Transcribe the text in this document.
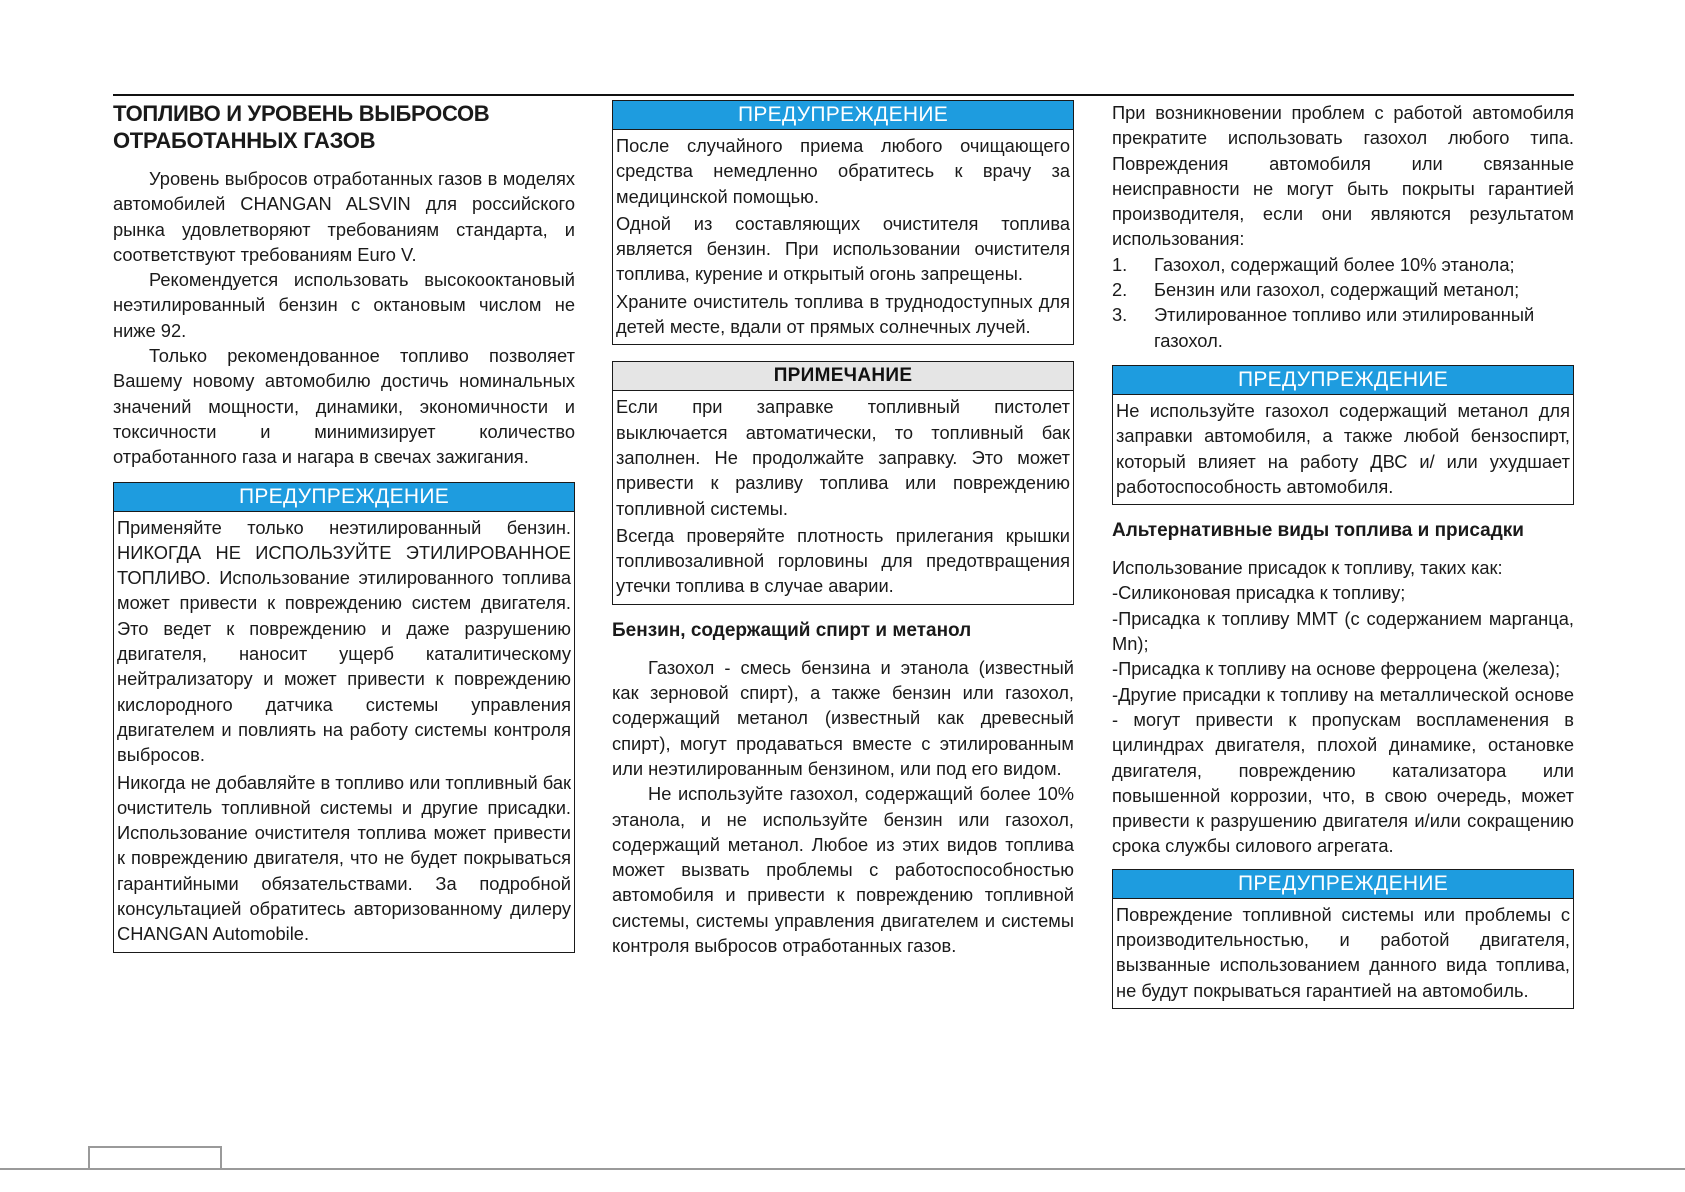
ТОПЛИВО И УРОВЕНЬ ВЫБРОСОВ ОТРАБОТАННЫХ ГАЗОВ

Уровень выбросов отработанных газов в моделях автомобилей CHANGAN ALSVIN для российского рынка удовлетворяют требованиям стандарта, и соответствуют требованиям Euro V.

Рекомендуется использовать высокооктановый неэтилированный бензин с октановым числом не ниже 92.

Только рекомендованное топливо позволяет Вашему новому автомобилю достичь номинальных значений мощности, динамики, экономичности и токсичности и минимизирует количество отработанного газа и нагара в свечах зажигания.

ПРЕДУПРЕЖДЕНИЕ

Применяйте только неэтилированный бензин. НИКОГДА НЕ ИСПОЛЬЗУЙТЕ ЭТИЛИРОВАННОЕ ТОПЛИВО. Использование этилированного топлива может привести к повреждению систем двигателя. Это ведет к повреждению и даже разрушению двигателя, наносит ущерб каталитическому нейтрализатору и может привести к повреждению кислородного датчика системы управления двигателем и повлиять на работу системы контроля выбросов.

Никогда не добавляйте в топливо или топливный бак очиститель топливной системы и другие присадки. Использование очистителя топлива может привести к повреждению двигателя, что не будет покрываться гарантийными обязательствами. За подробной консультацией обратитесь авторизованному дилеру CHANGAN Automobile.

ПРЕДУПРЕЖДЕНИЕ

После случайного приема любого очищающего средства немедленно обратитесь к врачу за медицинской помощью.

Одной из составляющих очистителя топлива является бензин. При использовании очистителя топлива, курение и открытый огонь запрещены.

Храните очиститель топлива в труднодоступных для детей месте, вдали от прямых солнечных лучей.

ПРИМЕЧАНИЕ

Если при заправке топливный пистолет выключается автоматически, то топливный бак заполнен. Не продолжайте заправку. Это может привести к разливу топлива или повреждению топливной системы.

Всегда проверяйте плотность прилегания крышки топливозаливной горловины для предотвращения утечки топлива в случае аварии.

Бензин, содержащий спирт и метанол

Газохол - смесь бензина и этанола (известный как зерновой спирт), а также бензин или газохол, содержащий метанол (известный как древесный спирт), могут продаваться вместе с этилированным или неэтилированным бензином, или под его видом.

Не используйте газохол, содержащий более 10% этанола, и не используйте бензин или газохол, содержащий метанол. Любое из этих видов топлива может вызвать проблемы с работоспособностью автомобиля и привести к повреждению топливной системы, системы управления двигателем и системы контроля выбросов отработанных газов.

При возникновении проблем с работой автомобиля прекратите использовать газохол любого типа. Повреждения автомобиля или связанные неисправности не могут быть покрыты гарантией производителя, если они являются результатом использования:

1.	Газохол, содержащий более 10% этанола;
2.	Бензин или газохол, содержащий метанол;
3.	Этилированное топливо или этилированный газохол.
ПРЕДУПРЕЖДЕНИЕ

Не используйте газохол содержащий метанол для заправки автомобиля, а также любой бензоспирт, который влияет на работу ДВС и/ или ухудшает работоспособность автомобиля.

Альтернативные виды топлива и присадки

Использование присадок к топливу, таких как:

-Силиконовая присадка к топливу;

-Присадка к топливу MMT (с содержанием марганца, Mn);

-Присадка к топливу на основе ферроцена (железа);

-Другие присадки к топливу на металлической основе - могут привести к пропускам воспламенения в цилиндрах двигателя, плохой динамике, остановке двигателя, повреждению катализатора или повышенной коррозии, что, в свою очередь, может привести к разрушению двигателя и/или сокращению срока службы силового агрегата.

ПРЕДУПРЕЖДЕНИЕ

Повреждение топливной системы или проблемы с производительностью, и работой двигателя, вызванные использованием данного вида топлива, не будут покрываться гарантией на автомобиль.
